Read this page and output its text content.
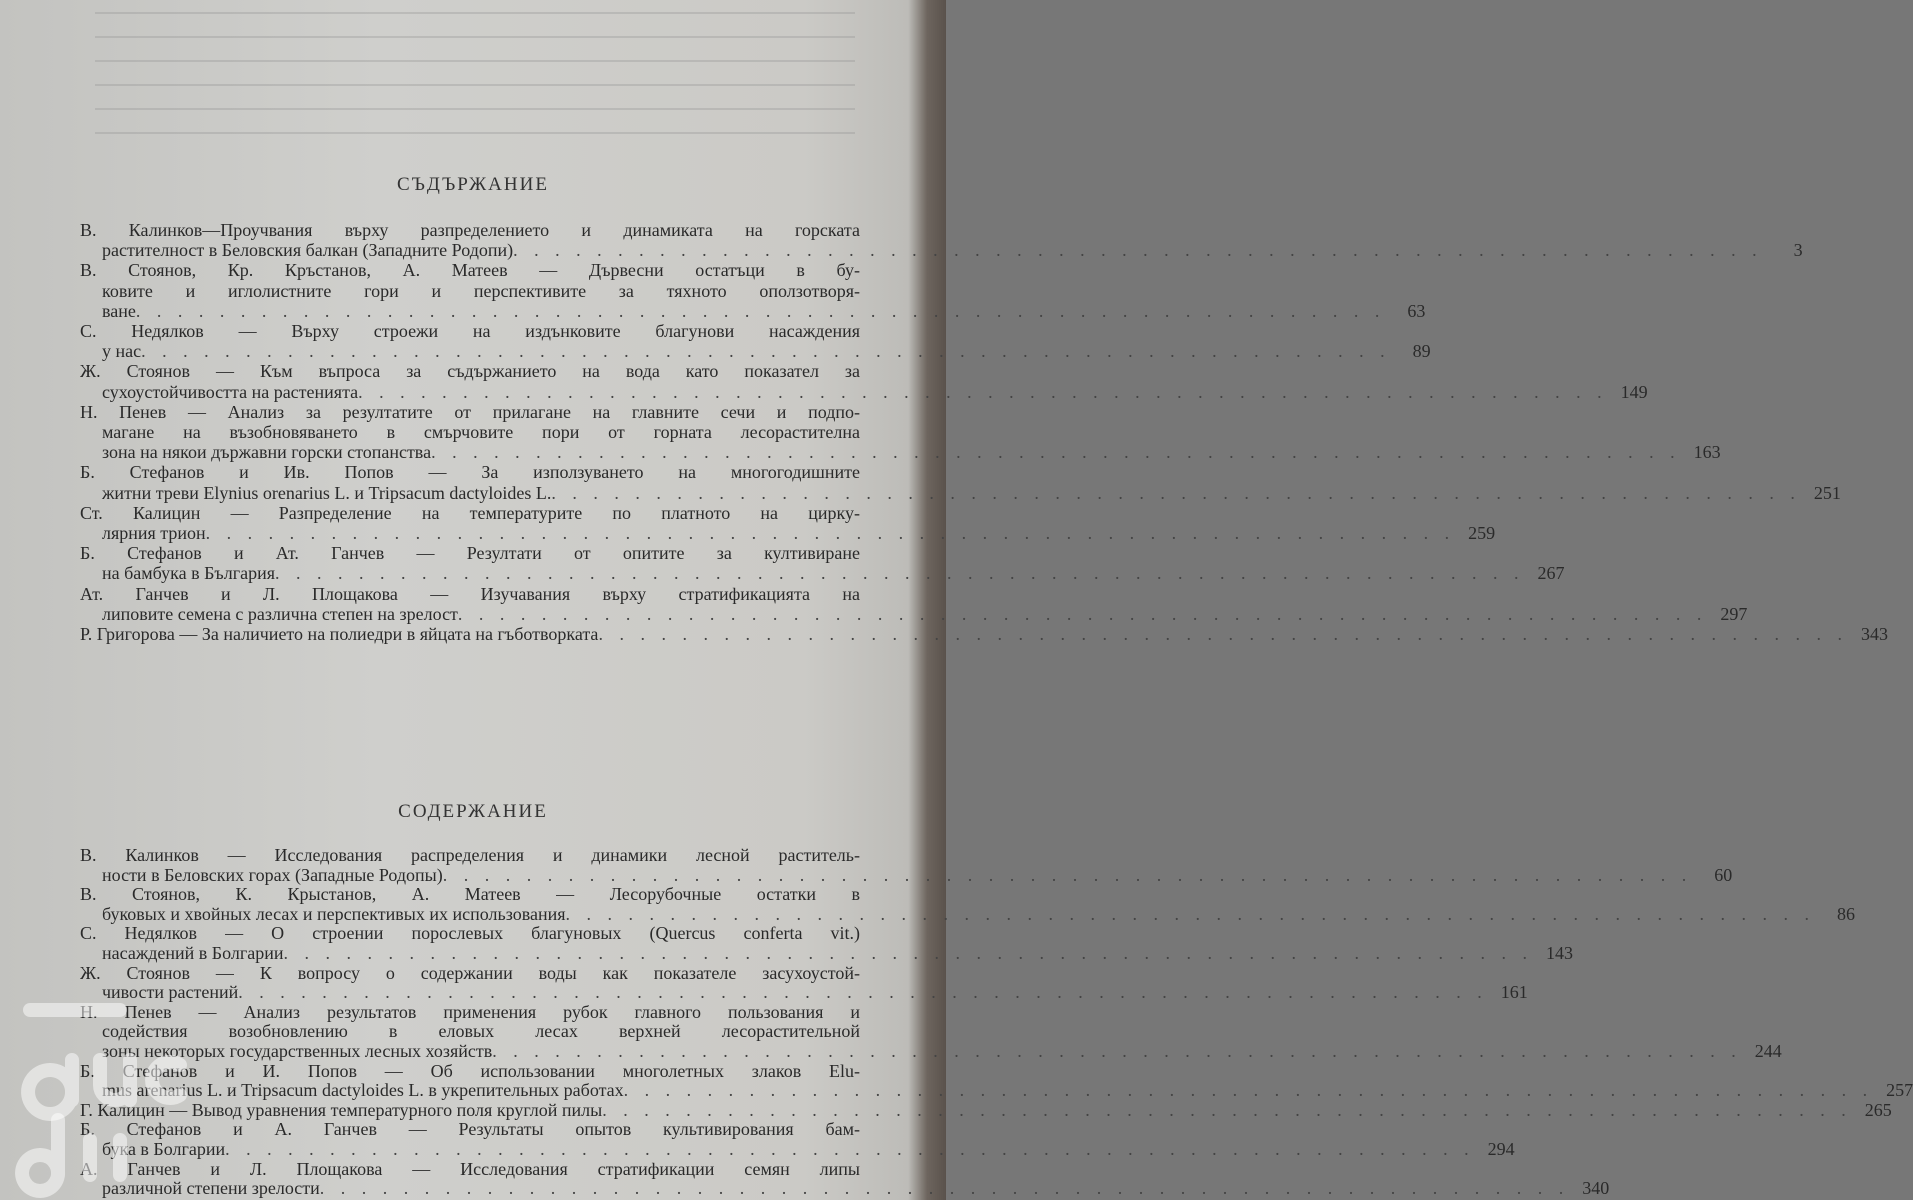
СЪДЪРЖАНИЕ
В. Калинков—Проучвания върху разпределението и динамиката на горската
растителност в Беловския балкан (Западните Родопи) . . . . . . . . . . . . . . . . . . . . . . . . . . . . . . . . . . . . . . . . . . . . . . . . . . . . . . . . . . . .	3
В. Стоянов, Кр. Кръстанов, А. Матеев — Дървесни остатъци в бу-
ковите и иглолистните гори и перспективите за тяхното оползотворя-
ване . . . . . . . . . . . . . . . . . . . . . . . . . . . . . . . . . . . . . . . . . . . . . . . . . . . . . . . . . . . .	63
С. Недялков — Върху строежи на издънковите благунови насаждения
у нас . . . . . . . . . . . . . . . . . . . . . . . . . . . . . . . . . . . . . . . . . . . . . . . . . . . . . . . . . . . .	89
Ж. Стоянов — Към въпроса за съдържанието на вода като показател за
сухоустойчивостта на растенията . . . . . . . . . . . . . . . . . . . . . . . . . . . . . . . . . . . . . . . . . . . . . . . . . . . . . . . . . . . . 149
Н. Пенев — Анализ за резултатите от прилагане на главните сечи и подпо-
магане на възобновяването в смърчовите пори от горната лесорастителна
зона на някои държавни горски стопанства . . . . . . . . . . . . . . . . . . . . . . . . . . . . . . . . . . . . . . . . . . . . . . . . . . . . . . . . . . . . 163
Б. Стефанов и Ив. Попов — За използуването на многогодишните
житни треви Elynius orenarius L. и Tripsacum dactyloides L. . . . . . . . . . . . . . . . . . . . . . . . . . . . . . . . . . . . . . . . . . . . . . . . . . . . . . . . . . . . . 251
Ст. Калицин — Разпределение на температурите по платното на цирку-
лярния трион . . . . . . . . . . . . . . . . . . . . . . . . . . . . . . . . . . . . . . . . . . . . . . . . . . . . . . . . . . . . 259
Б. Стефанов и Ат. Ганчев — Резултати от опитите за култивиране
на бамбука в България . . . . . . . . . . . . . . . . . . . . . . . . . . . . . . . . . . . . . . . . . . . . . . . . . . . . . . . . . . . . 267
Ат. Ганчев и Л. Площакова — Изучавания върху стратификацията на
липовите семена с различна степен на зрелост . . . . . . . . . . . . . . . . . . . . . . . . . . . . . . . . . . . . . . . . . . . . . . . . . . . . . . . . . . . . 297
Р. Григорова — За наличието на полиедри в яйцата на гъботворката . . . . . . . . . . . . . . . . . . . . . . . . . . . . . . . . . . . . . . . . . . . . . . . . . . . . . . . . . . . . 343
СОДЕРЖАНИЕ
В. Калинков — Исследования распределения и динамики лесной раститель-
ности в Беловских горах (Западные Родопы) . . . . . . . . . . . . . . . . . . . . . . . . . . . . . . . . . . . . . . . . . . . . . . . . . . . . . . . . . . . .	60
В. Стоянов, К. Крыстанов, А. Матеев — Лесорубочные остатки в
буковых и хвойных лесах и перспективых их использования . . . . . . . . . . . . . . . . . . . . . . . . . . . . . . . . . . . . . . . . . . . . . . . . . . . . . . . . . . . .	86
С. Недялков — О строении порослевых благуновых (Quercus conferta vit.)
насаждений в Болгарии . . . . . . . . . . . . . . . . . . . . . . . . . . . . . . . . . . . . . . . . . . . . . . . . . . . . . . . . . . . . 143
Ж. Стоянов — К вопросу о содержании воды как показателе засухоустой-
чивости растений . . . . . . . . . . . . . . . . . . . . . . . . . . . . . . . . . . . . . . . . . . . . . . . . . . . . . . . . . . . . 161
Н. Пенев — Анализ результатов применения рубок главного пользования и
содействия возобновлению в еловых лесах верхней лесорастительной
зоны некоторых государственных лесных хозяйств . . . . . . . . . . . . . . . . . . . . . . . . . . . . . . . . . . . . . . . . . . . . . . . . . . . . . . . . . . . . 244
Б. Стефанов и И. Попов — Об использовании многолетных злаков Elu-
mus arenarius L. и Tripsacum dactyloides L. в укрепительных работах . . . . . . . . . . . . . . . . . . . . . . . . . . . . . . . . . . . . . . . . . . . . . . . . . . . . . . . . . . . . 257
Г. Калицин — Вывод уравнения температурного поля круглой пилы . . . . . . . . . . . . . . . . . . . . . . . . . . . . . . . . . . . . . . . . . . . . . . . . . . . . . . . . . . . . 265
Б. Стефанов и А. Ганчев — Результаты опытов культивирования бам-
бука в Болгарии . . . . . . . . . . . . . . . . . . . . . . . . . . . . . . . . . . . . . . . . . . . . . . . . . . . . . . . . . . . . 294
А. Ганчев и Л. Площакова — Исследования стратификации семян липы
различной степени зрелости . . . . . . . . . . . . . . . . . . . . . . . . . . . . . . . . . . . . . . . . . . . . . . . . . . . . . . . . . . . . 340
